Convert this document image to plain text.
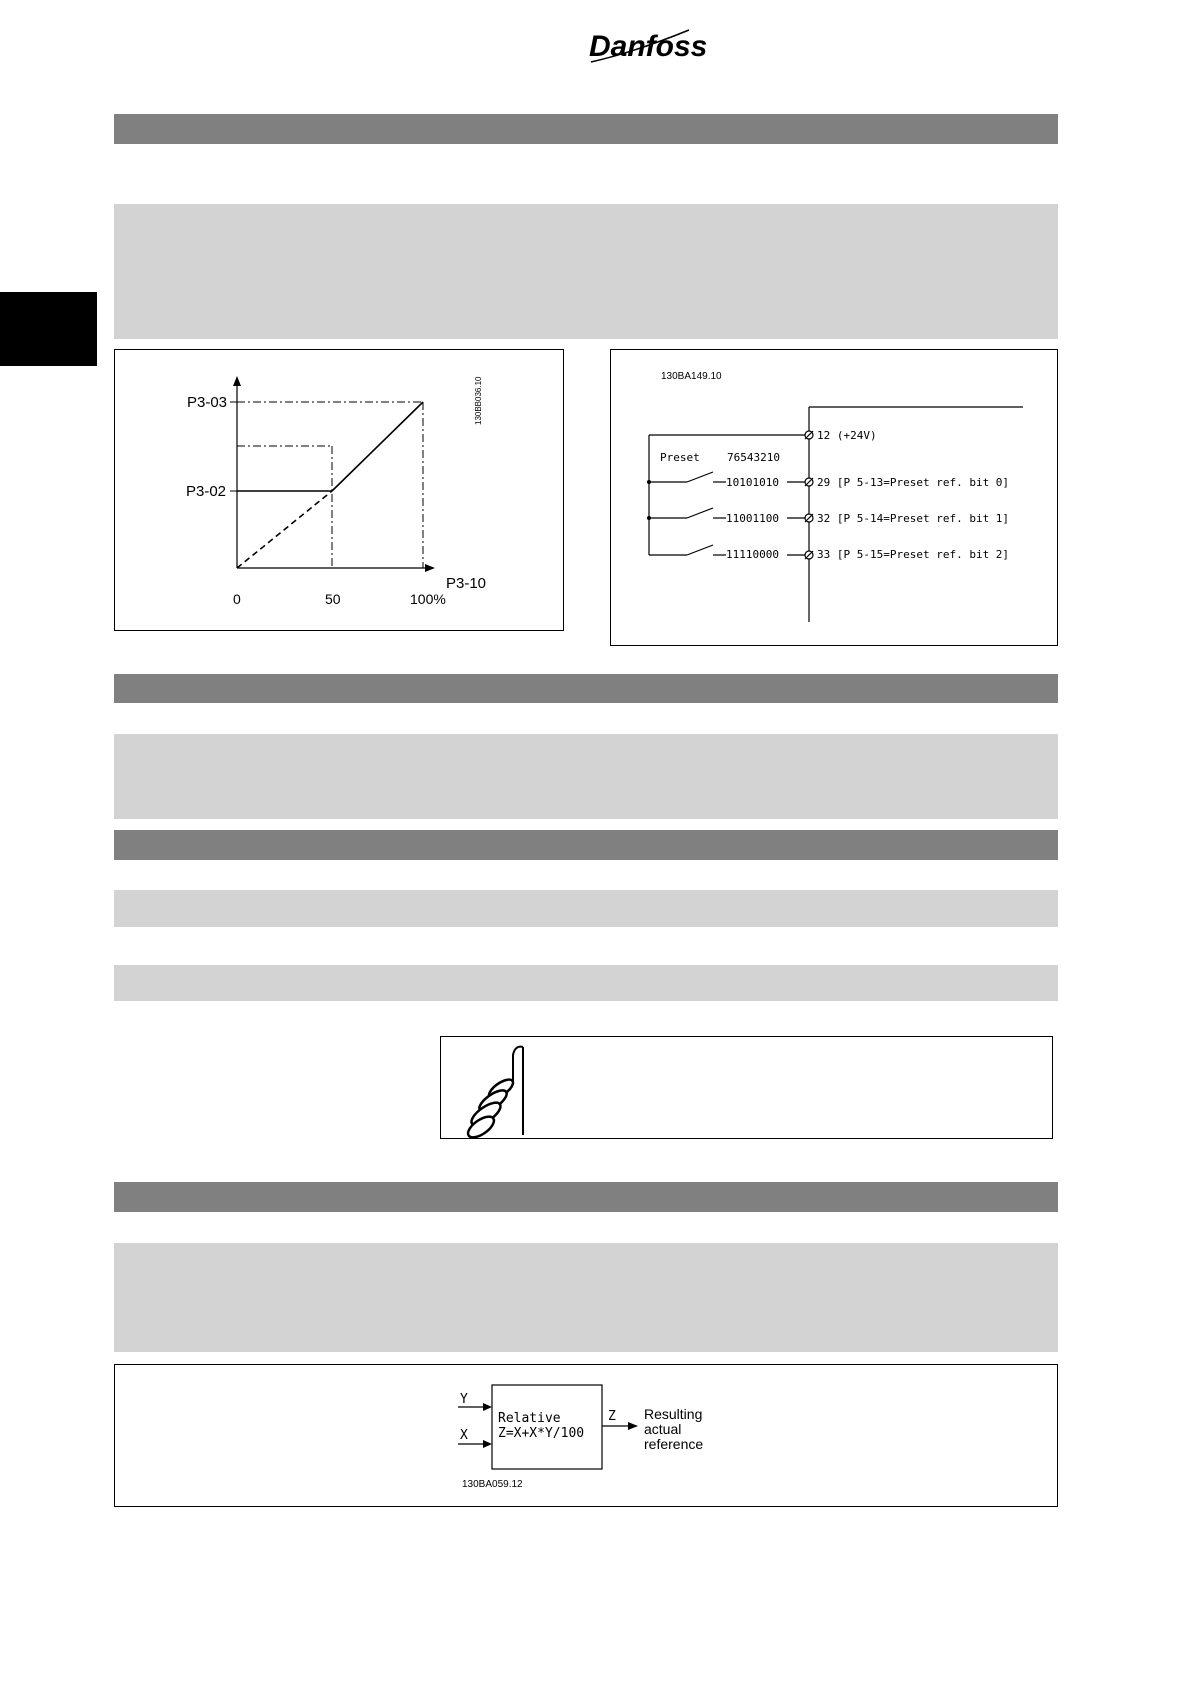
Danfoss
P3-03
P3-02
0	50	100%
P3-10
130BB036.10	130BA149.10
12 (+24V)
Preset 76543210
10101010	29 [P 5-13=Preset ref. bit 0]
11001100	32 [P 5-14=Preset ref. bit 1]
11110000	33 [P 5-15=Preset ref. bit 2]
Relative
Z=X+X*Y/100
Y
X
Z Resulting
actual
reference
130BA059.12
